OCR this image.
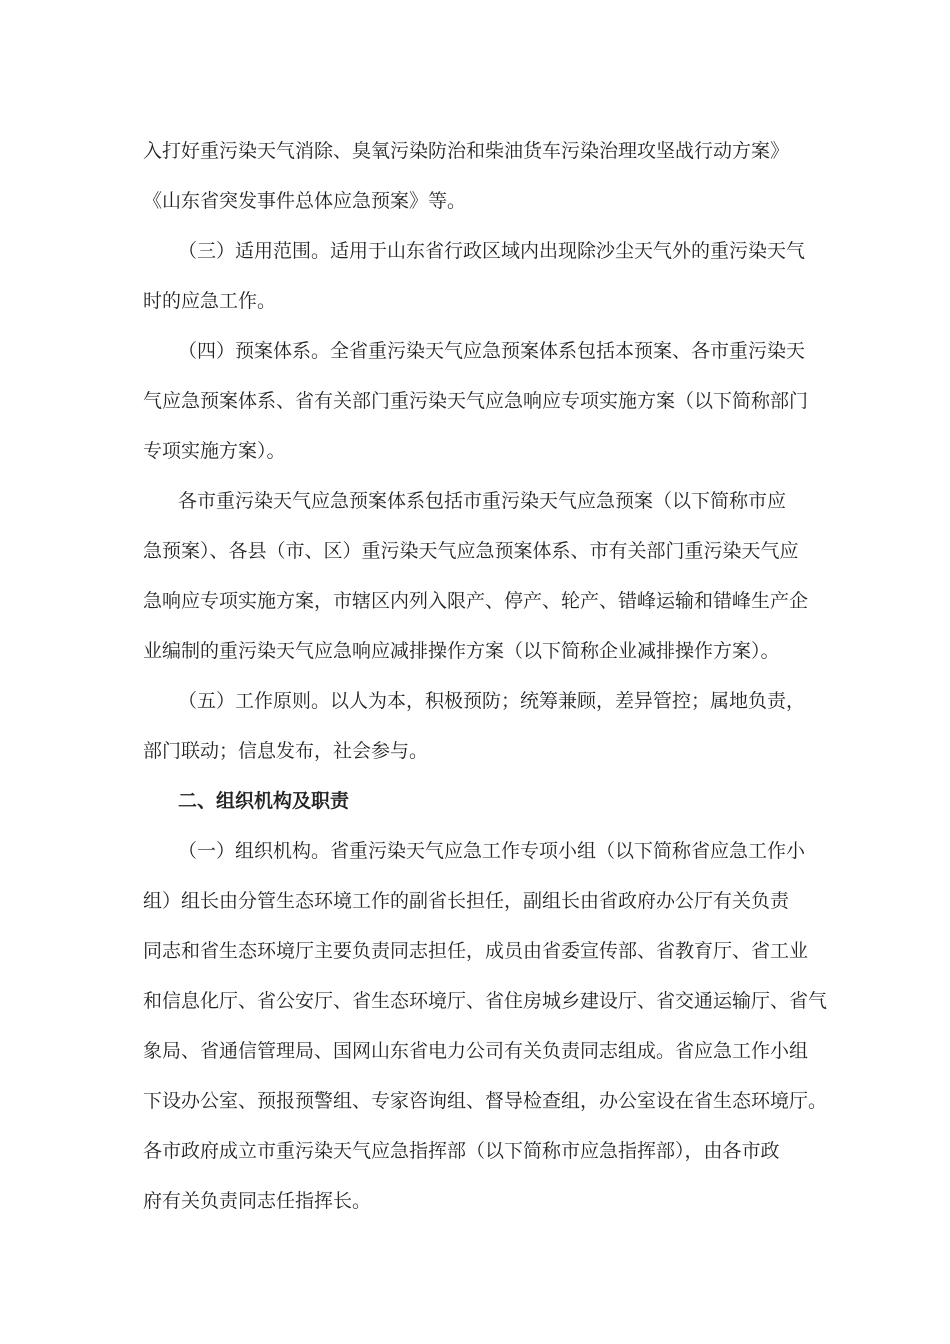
入打好重污染天气消除、臭氧污染防治和柴油货车污染治理攻坚战行动方案》
《山东省突发事件总体应急预案》等。
（三）适用范围。适用于山东省行政区域内出现除沙尘天气外的重污染天气
时的应急工作。
（四）预案体系。全省重污染天气应急预案体系包括本预案、各市重污染天
气应急预案体系、省有关部门重污染天气应急响应专项实施方案（以下简称部门
专项实施方案）。
各市重污染天气应急预案体系包括市重污染天气应急预案（以下简称市应
急预案）、各县（市、区）重污染天气应急预案体系、市有关部门重污染天气应
急响应专项实施方案，市辖区内列入限产、停产、轮产、错峰运输和错峰生产企
业编制的重污染天气应急响应减排操作方案（以下简称企业减排操作方案）。
（五）工作原则。以人为本，积极预防；统筹兼顾，差异管控；属地负责，
部门联动；信息发布，社会参与。
二、组织机构及职责
（一）组织机构。省重污染天气应急工作专项小组（以下简称省应急工作小
组）组长由分管生态环境工作的副省长担任，副组长由省政府办公厅有关负责
同志和省生态环境厅主要负责同志担任，成员由省委宣传部、省教育厅、省工业
和信息化厅、省公安厅、省生态环境厅、省住房城乡建设厅、省交通运输厅、省气
象局、省通信管理局、国网山东省电力公司有关负责同志组成。省应急工作小组
下设办公室、预报预警组、专家咨询组、督导检查组，办公室设在省生态环境厅。
各市政府成立市重污染天气应急指挥部（以下简称市应急指挥部），由各市政
府有关负责同志任指挥长。
